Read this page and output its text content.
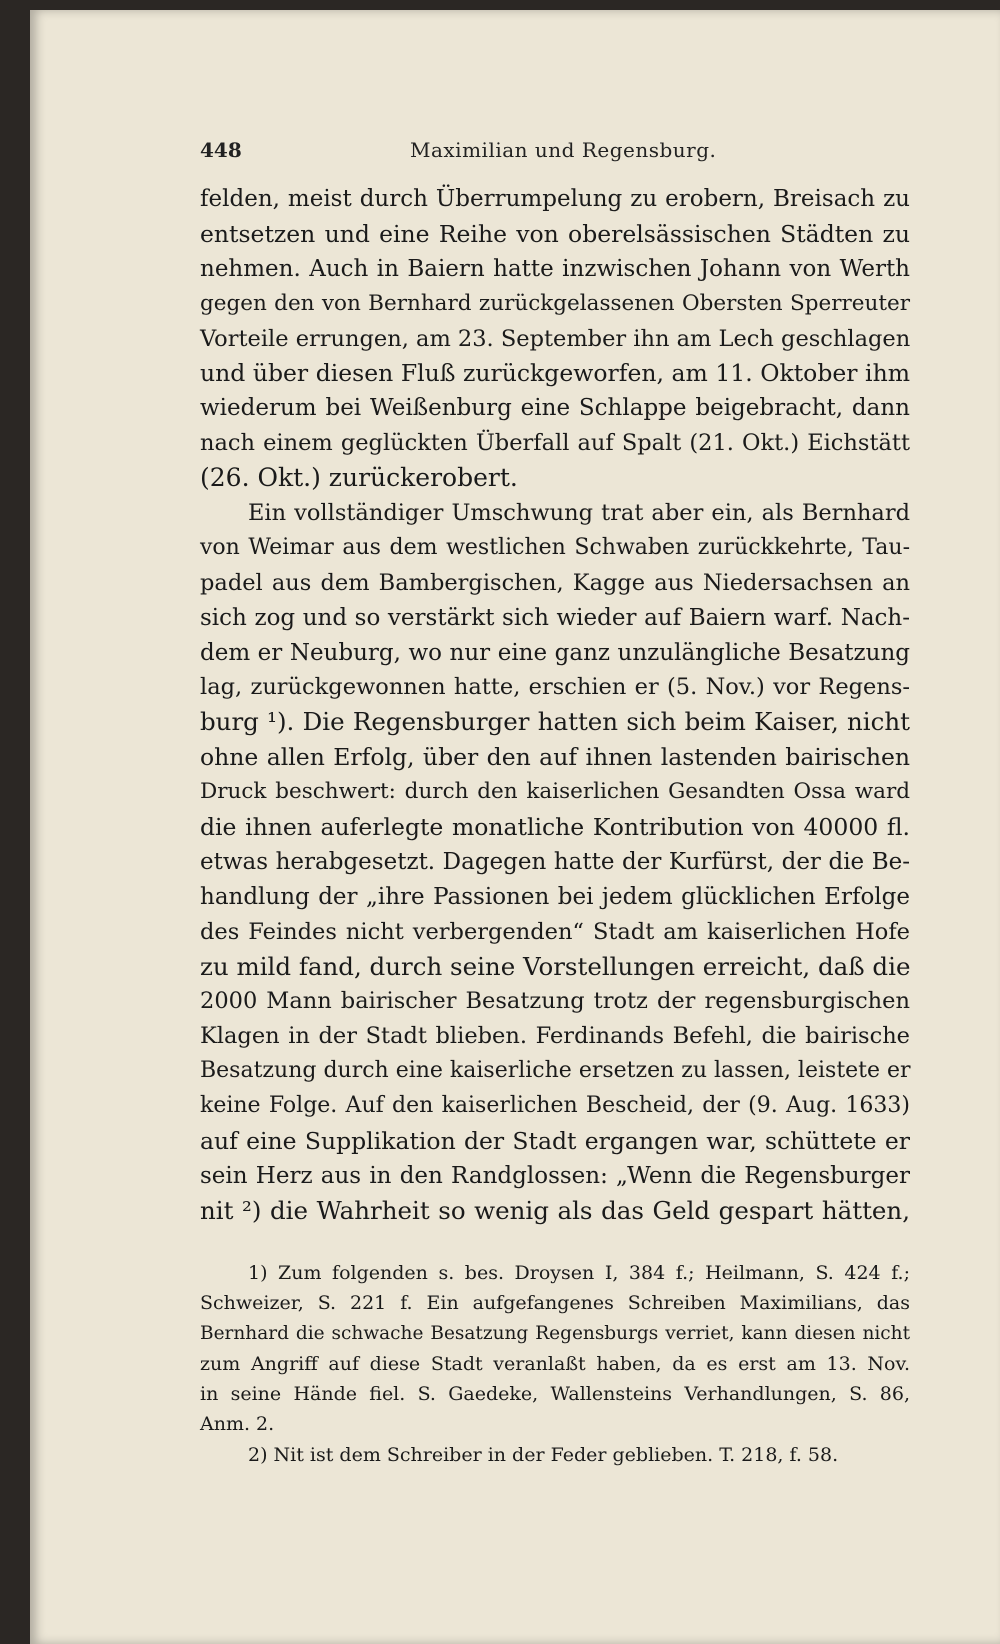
448	Maximilian und Regensburg.
felden, meist durch Überrumpelung zu erobern, Breisach zu
entsetzen und eine Reihe von oberelsässischen Städten zu
nehmen. Auch in Baiern hatte inzwischen Johann von Werth
gegen den von Bernhard zurückgelassenen Obersten Sperreuter
Vorteile errungen, am 23. September ihn am Lech geschlagen
und über diesen Fluß zurückgeworfen, am 11. Oktober ihm
wiederum bei Weißenburg eine Schlappe beigebracht, dann
nach einem geglückten Überfall auf Spalt (21. Okt.) Eichstätt
(26. Okt.) zurückerobert.
Ein vollständiger Umschwung trat aber ein, als Bernhard
von Weimar aus dem westlichen Schwaben zurückkehrte, Tau-
padel aus dem Bambergischen, Kagge aus Niedersachsen an
sich zog und so verstärkt sich wieder auf Baiern warf. Nach-
dem er Neuburg, wo nur eine ganz unzulängliche Besatzung
lag, zurückgewonnen hatte, erschien er (5. Nov.) vor Regens-
burg ¹). Die Regensburger hatten sich beim Kaiser, nicht
ohne allen Erfolg, über den auf ihnen lastenden bairischen
Druck beschwert: durch den kaiserlichen Gesandten Ossa ward
die ihnen auferlegte monatliche Kontribution von 40000 fl.
etwas herabgesetzt. Dagegen hatte der Kurfürst, der die Be-
handlung der „ihre Passionen bei jedem glücklichen Erfolge
des Feindes nicht verbergenden“ Stadt am kaiserlichen Hofe
zu mild fand, durch seine Vorstellungen erreicht, daß die
2000 Mann bairischer Besatzung trotz der regensburgischen
Klagen in der Stadt blieben. Ferdinands Befehl, die bairische
Besatzung durch eine kaiserliche ersetzen zu lassen, leistete er
keine Folge. Auf den kaiserlichen Bescheid, der (9. Aug. 1633)
auf eine Supplikation der Stadt ergangen war, schüttete er
sein Herz aus in den Randglossen: „Wenn die Regensburger
nit ²) die Wahrheit so wenig als das Geld gespart hätten,
1) Zum folgenden s. bes. Droysen I, 384 f.; Heilmann, S. 424 f.;
Schweizer, S. 221 f. Ein aufgefangenes Schreiben Maximilians, das
Bernhard die schwache Besatzung Regensburgs verriet, kann diesen nicht
zum Angriff auf diese Stadt veranlaßt haben, da es erst am 13. Nov.
in seine Hände fiel. S. Gaedeke, Wallensteins Verhandlungen, S. 86,
Anm. 2.
2) Nit ist dem Schreiber in der Feder geblieben. T. 218, f. 58.
